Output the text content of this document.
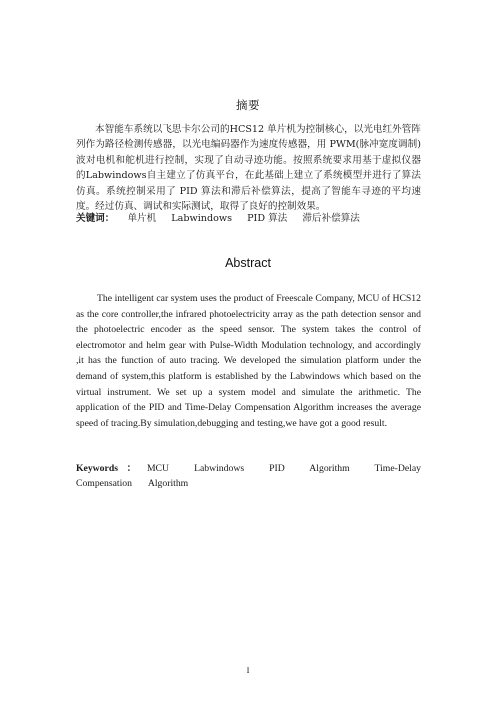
摘要

本智能车系统以飞思卡尔公司的HCS12 单片机为控制核心，以光电红外管阵列作为路径检测传感器，以光电编码器作为速度传感器，用 PWM(脉冲宽度调制)波对电机和舵机进行控制，实现了自动寻迹功能。按照系统要求用基于虚拟仪器的Labwindows自主建立了仿真平台，在此基础上建立了系统模型并进行了算法仿真。系统控制采用了 PID 算法和滞后补偿算法，提高了智能车寻迹的平均速度。经过仿真、调试和实际测试，取得了良好的控制效果。

关键词： 单片机 Labwindows PID 算法 滞后补偿算法
Abstract

The intelligent car system uses the product of Freescale Company, MCU of HCS12 as the core controller,the infrared photoelectricity array as the path detection sensor and the photoelectric encoder as the speed sensor. The system takes the control of electromotor and helm gear with Pulse-Width Modulation technology, and accordingly ,it has the function of auto tracing. We developed the simulation platform under the demand of system,this platform is established by the Labwindows which based on the virtual instrument. We set up a system model and simulate the arithmetic. The application of the PID and Time-Delay Compensation Algorithm increases the average speed of tracing.By simulation,debugging and testing,we have got a good result.

Keywords： MCU Labwindows PID Algorithm Time-Delay Compensation Algorithm
I
